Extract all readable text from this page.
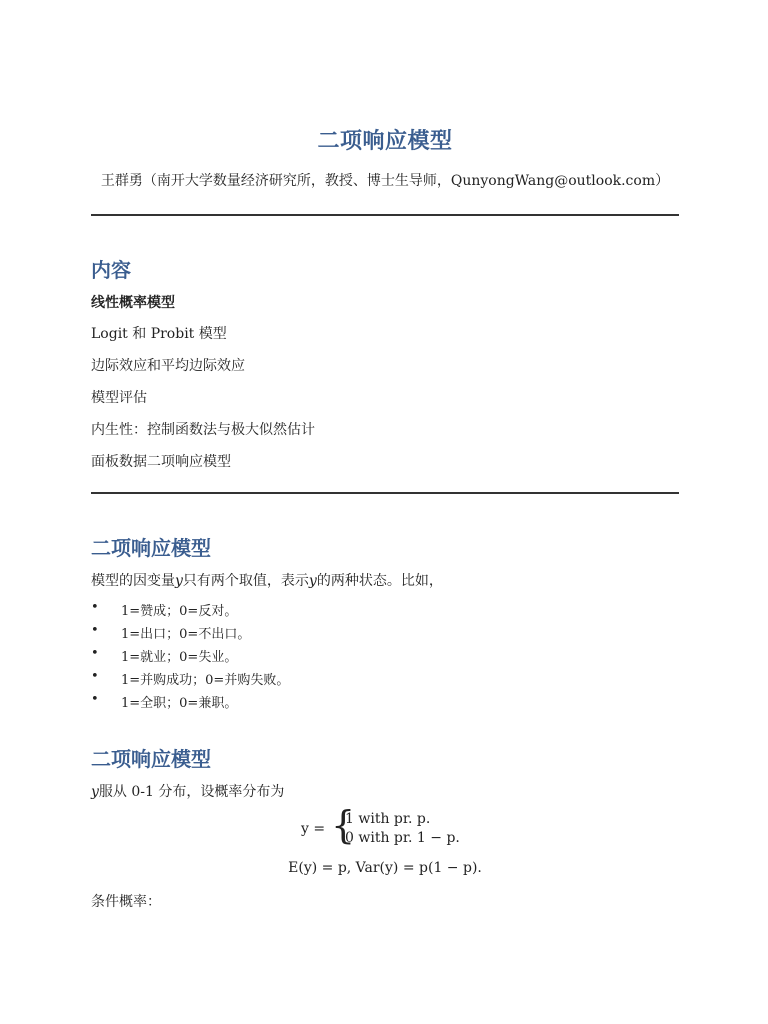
二项响应模型

王群勇（南开大学数量经济研究所，教授、博士生导师，QunyongWang@outlook.com）

内容

线性概率模型

Logit 和 Probit 模型

边际效应和平均边际效应

模型评估

内生性：控制函数法与极大似然估计

面板数据二项响应模型

二项响应模型

模型的因变量y只有两个取值，表示y的两种状态。比如，

• 1=赞成；0=反对。
• 1=出口；0=不出口。
• 1=就业；0=失业。
• 1=并购成功；0=并购失败。
• 1=全职；0=兼职。
二项响应模型

y服从 0-1 分布，设概率分布为

y = {
1 with pr. p.
0 with pr. 1 − p.
E(y) = p, Var(y) = p(1 − p).

条件概率：
